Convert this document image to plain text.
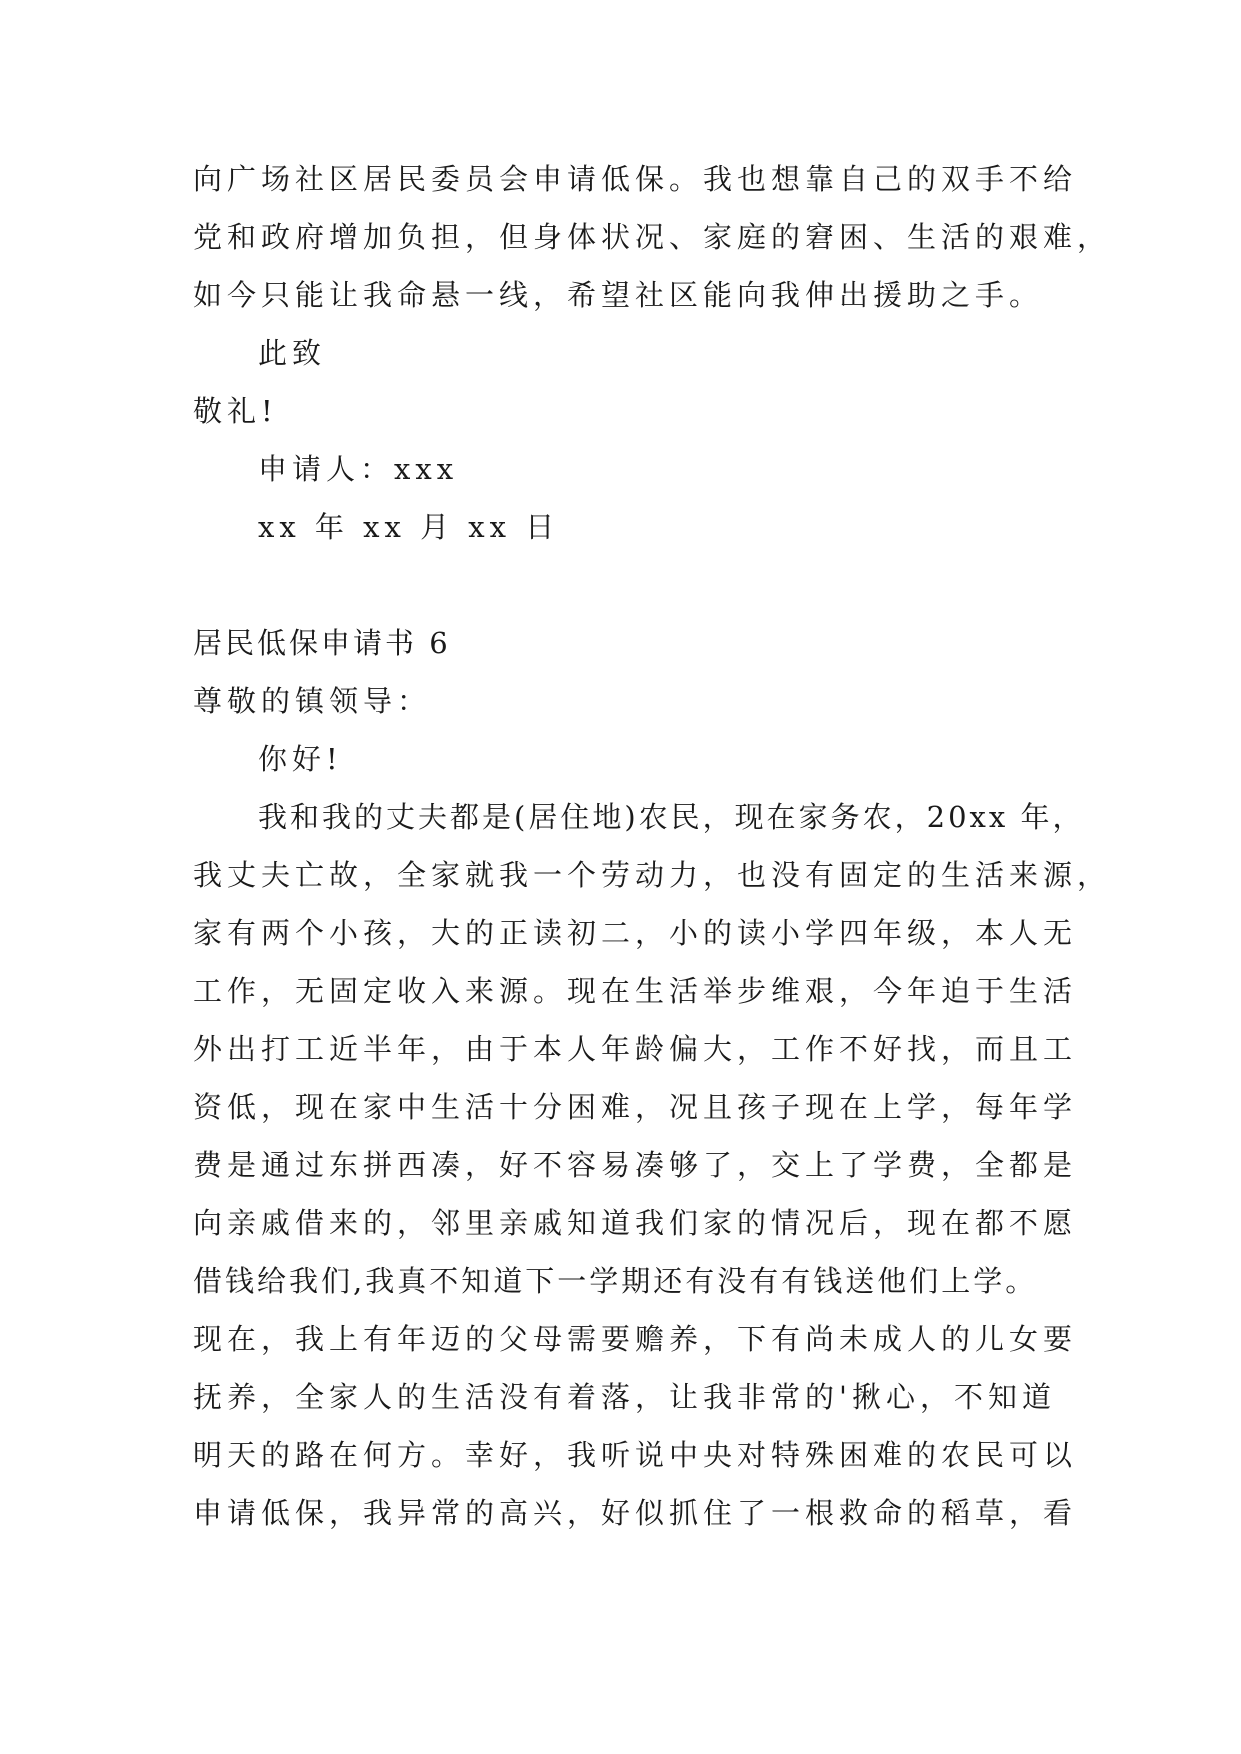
向广场社区居民委员会申请低保。我也想靠自己的双手不给
党和政府增加负担，但身体状况、家庭的窘困、生活的艰难，
如今只能让我命悬一线，希望社区能向我伸出援助之手。
此致
敬礼!
申请人：xxx
xx 年 xx 月 xx 日
居民低保申请书 6
尊敬的镇领导：
你好!
我和我的丈夫都是(居住地)农民，现在家务农，20xx 年，
我丈夫亡故，全家就我一个劳动力，也没有固定的生活来源，
家有两个小孩，大的正读初二，小的读小学四年级，本人无
工作，无固定收入来源。现在生活举步维艰，今年迫于生活
外出打工近半年，由于本人年龄偏大，工作不好找，而且工
资低，现在家中生活十分困难，况且孩子现在上学，每年学
费是通过东拼西凑，好不容易凑够了，交上了学费，全都是
向亲戚借来的，邻里亲戚知道我们家的情况后，现在都不愿
借钱给我们,我真不知道下一学期还有没有有钱送他们上学。
现在，我上有年迈的父母需要赡养，下有尚未成人的儿女要
抚养，全家人的生活没有着落，让我非常的'揪心，不知道
明天的路在何方。幸好，我听说中央对特殊困难的农民可以
申请低保，我异常的高兴，好似抓住了一根救命的稻草，看
